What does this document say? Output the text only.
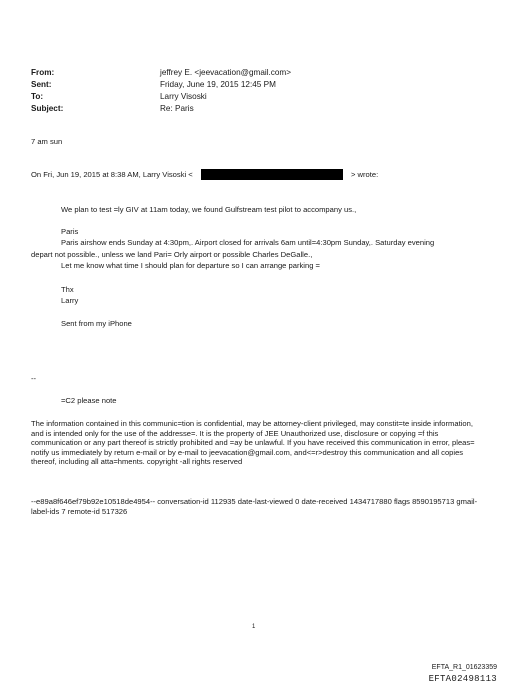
From:	jeffrey E. <jeevacation@gmail.com>
Sent:	Friday, June 19, 2015 12:45 PM
To:	Larry Visoski
Subject:	Re: Paris
7 am sun
On Fri, Jun 19, 2015 at 8:38 AM, Larry Visoski <	> wrote:
We plan to test =ly GIV at 11am today, we found Gulfstream test pilot to accompany us.,
Paris
Paris airshow ends Sunday at 4:30pm,. Airport closed for arrivals 6am until=4:30pm Sunday,. Saturday evening
depart not possible., unless we land Pari= Orly airport or possible Charles DeGalle.,
Let me know what time I should plan for departure so I can arrange parking =
Thx
Larry
Sent from my iPhone
--
=C2 please note
The information contained in this communic=tion is confidential, may be attorney-client privileged, may constit=te inside information, and is intended only for the use of the addresse=. It is the property of JEE Unauthorized use, disclosure or copying =f this communication or any part thereof is strictly prohibited and =ay be unlawful. If you have received this communication in error, pleas= notify us immediately by return e-mail or by e-mail to jeevacation@gmail.com, and<=r>destroy this communication and all copies thereof, including all atta=hments. copyright -all rights reserved
--e89a8f646ef79b92e10518de4954-- conversation-id 112935 date-last-viewed 0 date-received 1434717880 flags 8590195713 gmail-label-ids 7 remote-id 517326
1
EFTA_R1_01623359
EFTA02498113
